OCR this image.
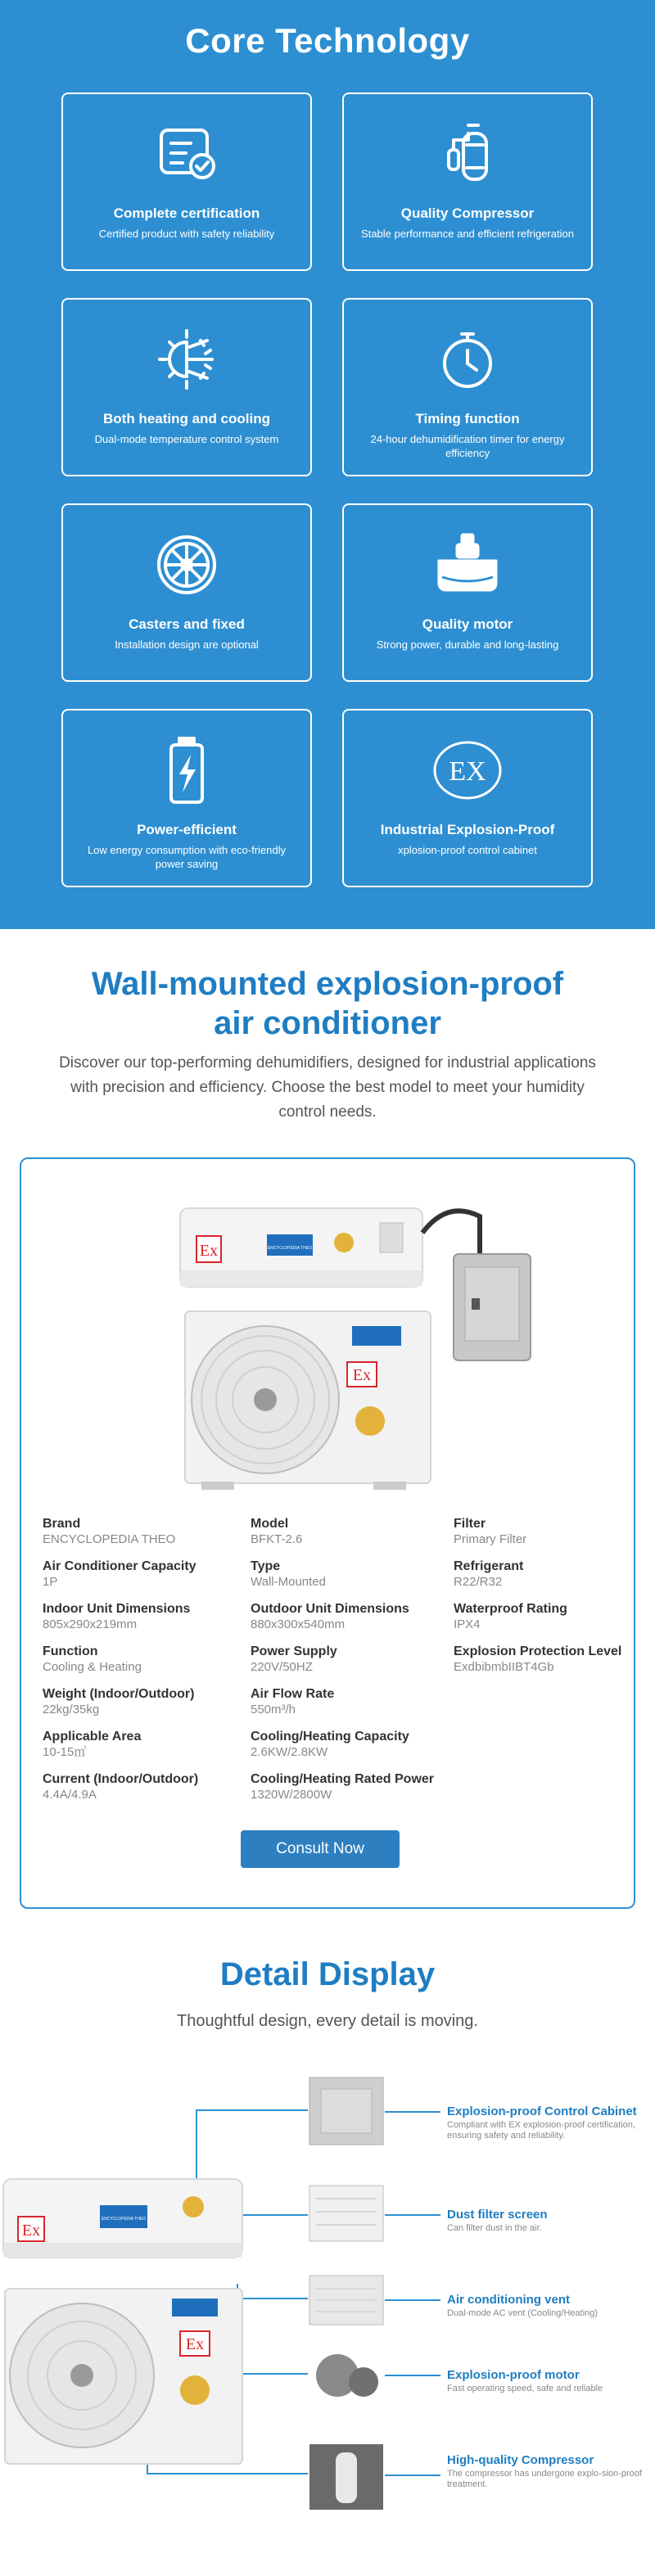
Core Technology
Complete certification
Certified product with safety reliability
Quality Compressor
Stable performance and efficient refrigeration
Both heating and cooling
Dual-mode temperature control system
Timing function
24-hour dehumidification timer for energy efficiency
Casters and fixed
Installation design are optional
Quality motor
Strong power, durable and long-lasting
Power-efficient
Low energy consumption with eco-friendly power saving
EX
Industrial Explosion-Proof
xplosion-proof control cabinet
Wall-mounted explosion-proof
air conditioner

Discover our top-performing dehumidifiers, designed for industrial applications with precision and efficiency. Choose the best model to meet your humidity control needs.

Ex	ENCYCLOPEDIA THEO
Ex
Brand
ENCYCLOPEDIA THEO
Model
BFKT-2.6
Filter
Primary Filter
Air Conditioner Capacity
1P
Type
Wall-Mounted
Refrigerant
R22/R32
Indoor Unit Dimensions
805x290x219mm
Outdoor Unit Dimensions
880x300x540mm
Waterproof Rating
IPX4
Function
Cooling & Heating
Power Supply
220V/50HZ
Explosion Protection Level
ExdbibmbIIBT4Gb
Weight (Indoor/Outdoor)
22kg/35kg
Air Flow Rate
550m³/h
Applicable Area
10-15㎡
Cooling/Heating Capacity
2.6KW/2.8KW
Current (Indoor/Outdoor)
4.4A/4.9A
Cooling/Heating Rated Power
1320W/2800W
Consult Now
Detail Display

Thoughtful design, every detail is moving.

Ex
ENCYCLOPEDIA THEO
Ex
Explosion-proof Control Cabinet
Compliant with EX explosion-proof certification, ensuring safety and reliability.
Dust filter screen
Can filter dust in the air.
Air conditioning vent
Dual-mode AC vent (Cooling/Heating)
Explosion-proof motor
Fast operating speed, safe and reliable
High-quality Compressor
The compressor has undergone explo-sion-proof treatment.
